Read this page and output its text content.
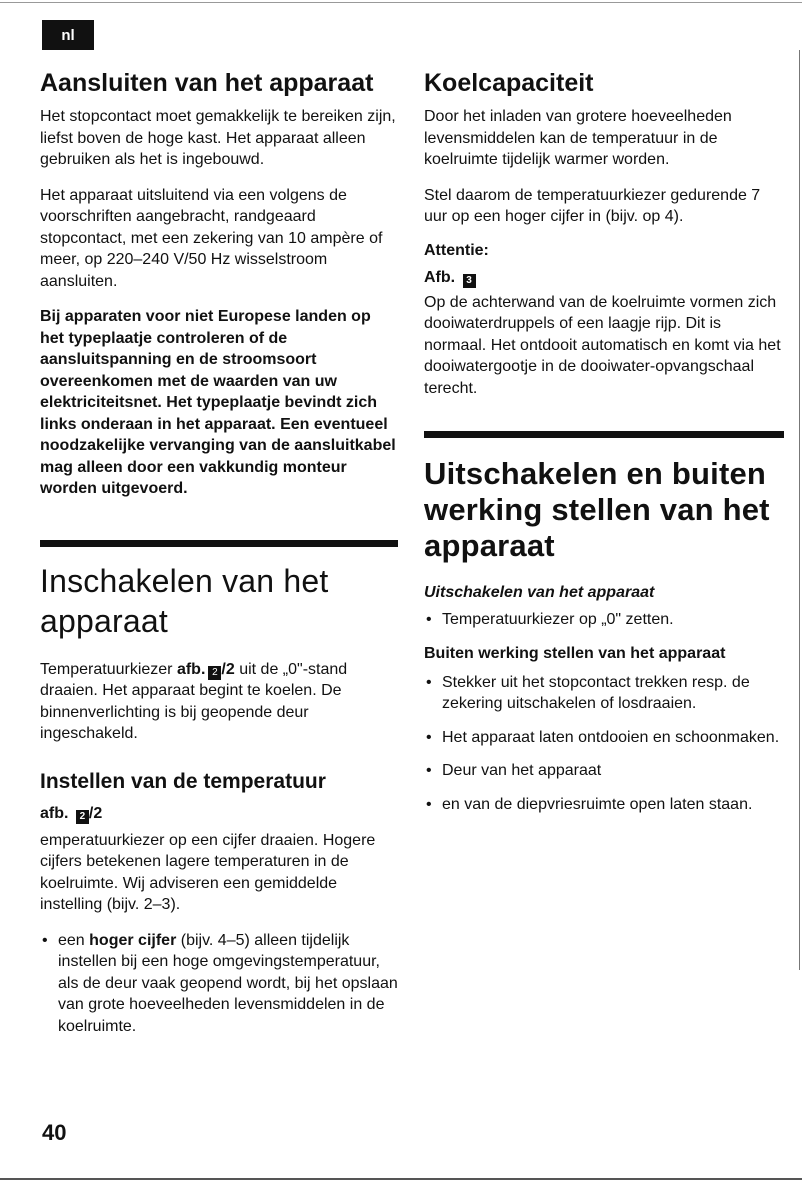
nl
Aansluiten van het apparaat

Het stopcontact moet gemakkelijk te bereiken zijn, liefst boven de hoge kast. Het apparaat alleen gebruiken als het is ingebouwd.

Het apparaat uitsluitend via een volgens de voorschriften aangebracht, randgeaard stopcontact, met een zekering van 10 ampère of meer, op 220–240 V/50 Hz wisselstroom aansluiten.

Bij apparaten voor niet Europese landen op het typeplaatje controleren of de aansluitspanning en de stroomsoort overeenkomen met de waarden van uw elektriciteitsnet. Het typeplaatje bevindt zich links onderaan in het apparaat. Een eventueel noodzakelijke vervanging van de aansluitkabel mag alleen door een vakkundig monteur worden uitgevoerd.

Inschakelen van het apparaat

Temperatuurkiezer afb. 2 /2 uit de „0"-stand draaien. Het apparaat begint te koelen. De binnenverlichting is bij geopende deur ingeschakeld.

Instellen van de temperatuur
afb. 2 /2

emperatuurkiezer op een cijfer draaien. Hogere cijfers betekenen lagere temperaturen in de koelruimte. Wij adviseren een gemiddelde instelling (bijv. 2–3).

• een hoger cijfer (bijv. 4–5) alleen tijdelijk instellen bij een hoge omgevingstemperatuur, als de deur vaak geopend wordt, bij het opslaan van grote hoeveelheden levensmiddelen in de koelruimte.
Koelcapaciteit

Door het inladen van grotere hoeveelheden levensmiddelen kan de temperatuur in de koelruimte tijdelijk warmer worden.

Stel daarom de temperatuurkiezer gedurende 7 uur op een hoger cijfer in (bijv. op 4).

Attentie:
Afb. 3

Op de achterwand van de koelruimte vormen zich dooiwaterdruppels of een laagje rijp. Dit is normaal. Het ontdooit automatisch en komt via het dooiwatergootje in de dooiwater-opvangschaal terecht.

Uitschakelen en buiten werking stellen van het apparaat
Uitschakelen van het apparaat
• Temperatuurkiezer op „0" zetten.
Buiten werking stellen van het apparaat
• Stekker uit het stopcontact trekken resp. de zekering uitschakelen of losdraaien.
• Het apparaat laten ontdooien en schoonmaken.
• Deur van het apparaat
• en van de diepvriesruimte open laten staan.
40
